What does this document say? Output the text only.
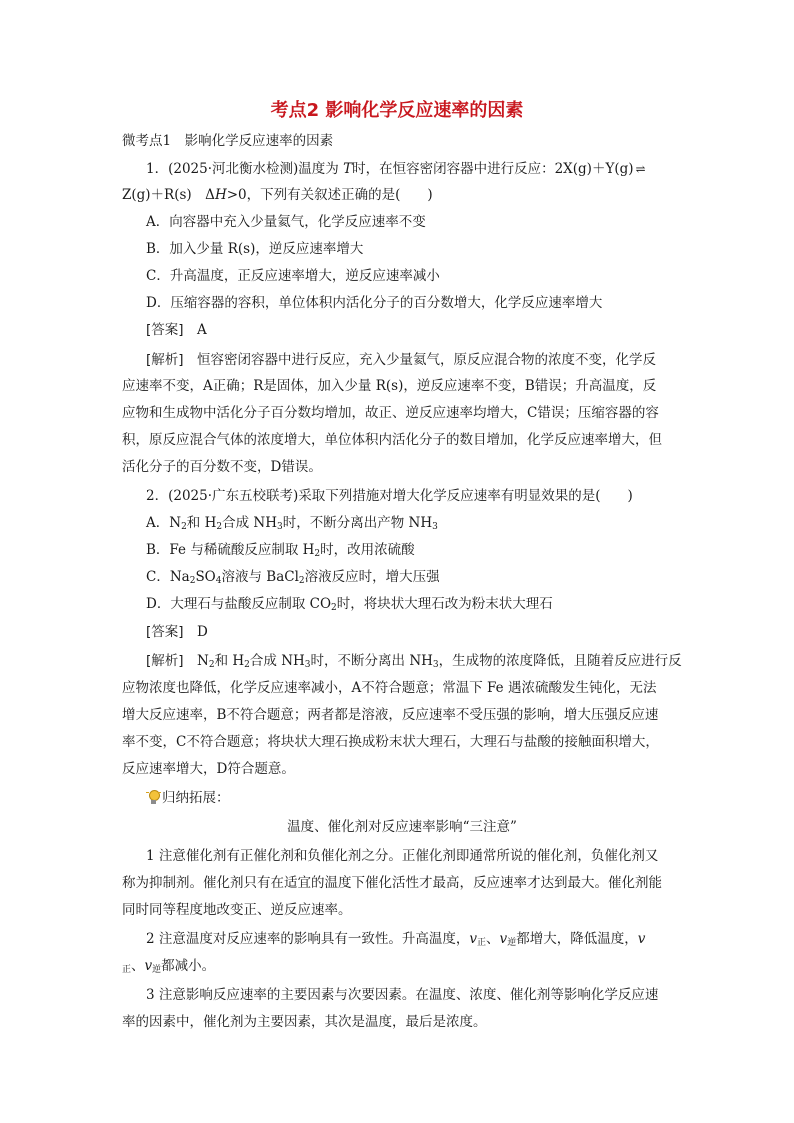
考点2 影响化学反应速率的因素
微考点1　影响化学反应速率的因素
1．(2025·河北衡水检测)温度为 T时，在恒容密闭容器中进行反应：2X(g)＋Y(g) ⇌
Z(g)＋R(s)　ΔH>0，下列有关叙述正确的是(　　)
A．向容器中充入少量氦气，化学反应速率不变
B．加入少量 R(s)，逆反应速率增大
C．升高温度，正反应速率增大，逆反应速率减小
D．压缩容器的容积，单位体积内活化分子的百分数增大，化学反应速率增大
[答案]　 A
[解析]　 恒容密闭容器中进行反应，充入少量氦气，原反应混合物的浓度不变，化学反
应速率不变，A正确；R是固体，加入少量 R(s)，逆反应速率不变，B错误；升高温度，反
应物和生成物中活化分子百分数均增加，故正、逆反应速率均增大，C错误；压缩容器的容
积，原反应混合气体的浓度增大，单位体积内活化分子的数目增加，化学反应速率增大，但
活化分子的百分数不变，D错误。
2．(2025·广东五校联考)采取下列措施对增大化学反应速率有明显效果的是(　　)
A．$N_2$和 $H_2$合成 $NH_3$时，不断分离出产物 $NH_3$
B．Fe 与稀硫酸反应制取 $H_2$时，改用浓硫酸
C．$Na_2SO_4$溶液与 BaCl$_2$溶液反应时，增大压强
D．大理石与盐酸反应制取 $CO_2$时，将块状大理石改为粉末状大理石
[答案]　 D
[解析]　 $N_2$和 $H_2$合成 $NH_3$时，不断分离出 $NH_3$，生成物的浓度降低，且随着反应进行反
应物浓度也降低，化学反应速率减小，A不符合题意；常温下 Fe 遇浓硫酸发生钝化，无法
增大反应速率，B不符合题意；两者都是溶液，反应速率不受压强的影响，增大压强反应速
率不变，C不符合题意；将块状大理石换成粉末状大理石，大理石与盐酸的接触面积增大，
反应速率增大，D符合题意。
归纳拓展：
温度、催化剂对反应速率影响“三注意”
1 注意催化剂有正催化剂和负催化剂之分。正催化剂即通常所说的催化剂，负催化剂又
称为抑制剂。催化剂只有在适宜的温度下催化活性才最高，反应速率才达到最大。催化剂能
同时同等程度地改变正、逆反应速率。
2 注意温度对反应速率的影响具有一致性。升高温度，$v_正$、$v_逆$都增大，降低温度，v
$_正$、$v_逆$都减小。
3 注意影响反应速率的主要因素与次要因素。在温度、浓度、催化剂等影响化学反应速
率的因素中，催化剂为主要因素，其次是温度，最后是浓度。
